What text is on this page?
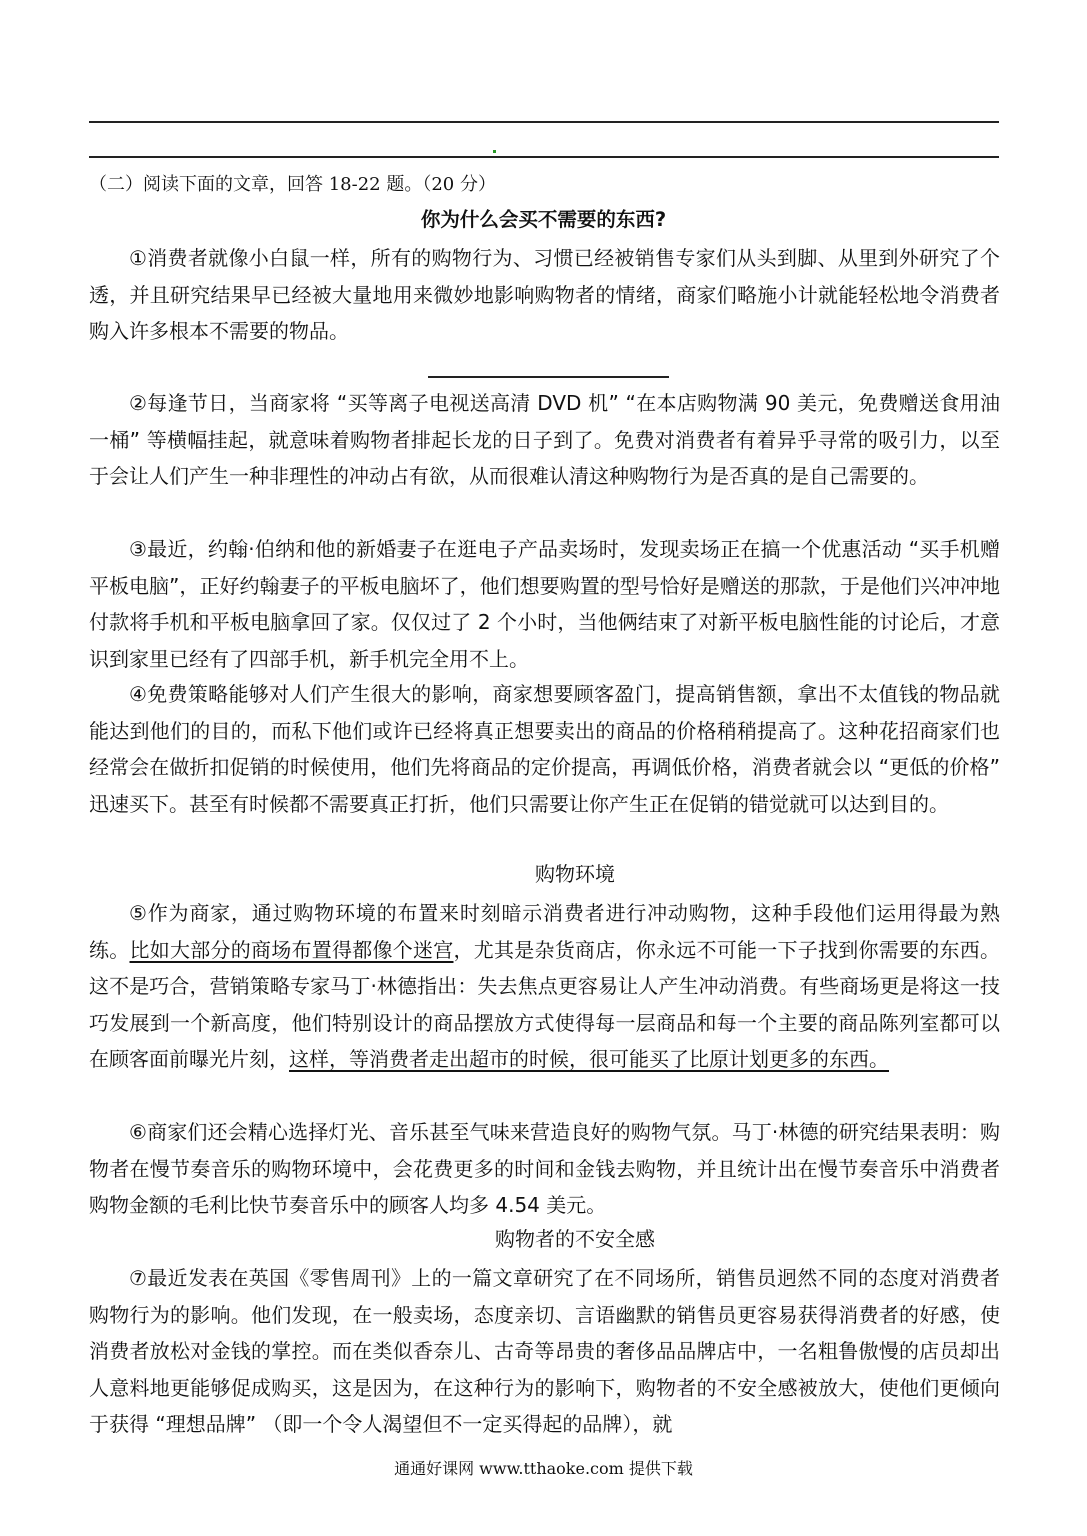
（二）阅读下面的文章，回答 18-22 题。（20 分）
你为什么会买不需要的东西?

①消费者就像小白鼠一样，所有的购物行为、习惯已经被销售专家们从头到脚、从里到外研究了个透，并且研究结果早已经被大量地用来微妙地影响购物者的情绪，商家们略施小计就能轻松地令消费者购入许多根本不需要的物品。

②每逢节日，当商家将 “买等离子电视送高清 DVD 机” “在本店购物满 90 美元，免费赠送食用油一桶” 等横幅挂起，就意味着购物者排起长龙的日子到了。免费对消费者有着异乎寻常的吸引力，以至于会让人们产生一种非理性的冲动占有欲，从而很难认清这种购物行为是否真的是自己需要的。

③最近，约翰·伯纳和他的新婚妻子在逛电子产品卖场时，发现卖场正在搞一个优惠活动 “买手机赠平板电脑”，正好约翰妻子的平板电脑坏了，他们想要购置的型号恰好是赠送的那款，于是他们兴冲冲地付款将手机和平板电脑拿回了家。仅仅过了 2 个小时，当他俩结束了对新平板电脑性能的讨论后，才意识到家里已经有了四部手机，新手机完全用不上。

④免费策略能够对人们产生很大的影响，商家想要顾客盈门，提高销售额，拿出不太值钱的物品就能达到他们的目的，而私下他们或许已经将真正想要卖出的商品的价格稍稍提高了。这种花招商家们也经常会在做折扣促销的时候使用，他们先将商品的定价提高，再调低价格，消费者就会以 “更低的价格” 迅速买下。甚至有时候都不需要真正打折，他们只需要让你产生正在促销的错觉就可以达到目的。

购物环境

⑤作为商家，通过购物环境的布置来时刻暗示消费者进行冲动购物，这种手段他们运用得最为熟练。比如大部分的商场布置得都像个迷宫，尤其是杂货商店，你永远不可能一下子找到你需要的东西。这不是巧合，营销策略专家马丁·林德指出：失去焦点更容易让人产生冲动消费。有些商场更是将这一技巧发展到一个新高度，他们特别设计的商品摆放方式使得每一层商品和每一个主要的商品陈列室都可以在顾客面前曝光片刻，这样，等消费者走出超市的时候，很可能买了比原计划更多的东西。

⑥商家们还会精心选择灯光、音乐甚至气味来营造良好的购物气氛。马丁·林德的研究结果表明：购物者在慢节奏音乐的购物环境中，会花费更多的时间和金钱去购物，并且统计出在慢节奏音乐中消费者购物金额的毛利比快节奏音乐中的顾客人均多 4.54 美元。

购物者的不安全感

⑦最近发表在英国《零售周刊》上的一篇文章研究了在不同场所，销售员迥然不同的态度对消费者购物行为的影响。他们发现，在一般卖场，态度亲切、言语幽默的销售员更容易获得消费者的好感，使消费者放松对金钱的掌控。而在类似香奈儿、古奇等昂贵的奢侈品品牌店中，一名粗鲁傲慢的店员却出人意料地更能够促成购买，这是因为，在这种行为的影响下，购物者的不安全感被放大，使他们更倾向于获得 “理想品牌” （即一个令人渴望但不一定买得起的品牌），就

通通好课网 www.tthaoke.com 提供下载
